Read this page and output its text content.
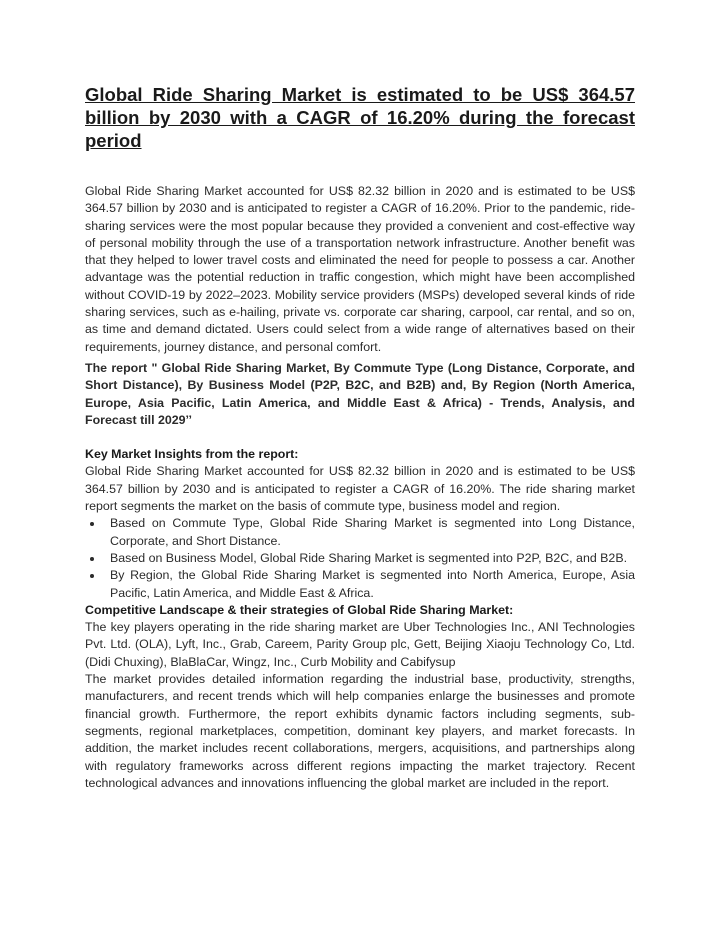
Global Ride Sharing Market is estimated to be US$ 364.57 billion by 2030 with a CAGR of 16.20% during the forecast period

Global Ride Sharing Market accounted for US$ 82.32 billion in 2020 and is estimated to be US$ 364.57 billion by 2030 and is anticipated to register a CAGR of 16.20%. Prior to the pandemic, ride-sharing services were the most popular because they provided a convenient and cost-effective way of personal mobility through the use of a transportation network infrastructure. Another benefit was that they helped to lower travel costs and eliminated the need for people to possess a car. Another advantage was the potential reduction in traffic congestion, which might have been accomplished without COVID-19 by 2022–2023. Mobility service providers (MSPs) developed several kinds of ride sharing services, such as e-hailing, private vs. corporate car sharing, carpool, car rental, and so on, as time and demand dictated. Users could select from a wide range of alternatives based on their requirements, journey distance, and personal comfort.

The report " Global Ride Sharing Market, By Commute Type (Long Distance, Corporate, and Short Distance), By Business Model (P2P, B2C, and B2B) and, By Region (North America, Europe, Asia Pacific, Latin America, and Middle East & Africa) - Trends, Analysis, and Forecast till 2029’’

Key Market Insights from the report:

Global Ride Sharing Market accounted for US$ 82.32 billion in 2020 and is estimated to be US$ 364.57 billion by 2030 and is anticipated to register a CAGR of 16.20%. The ride sharing market report segments the market on the basis of commute type, business model and region.

Based on Commute Type, Global Ride Sharing Market is segmented into Long Distance, Corporate, and Short Distance.
Based on Business Model, Global Ride Sharing Market is segmented into P2P, B2C, and B2B.
By Region, the Global Ride Sharing Market is segmented into North America, Europe, Asia Pacific, Latin America, and Middle East & Africa.

Competitive Landscape & their strategies of Global Ride Sharing Market:

The key players operating in the ride sharing market are Uber Technologies Inc., ANI Technologies Pvt. Ltd. (OLA), Lyft, Inc., Grab, Careem, Parity Group plc, Gett, Beijing Xiaoju Technology Co, Ltd. (Didi Chuxing), BlaBlaCar, Wingz, Inc., Curb Mobility and Cabifysup

The market provides detailed information regarding the industrial base, productivity, strengths, manufacturers, and recent trends which will help companies enlarge the businesses and promote financial growth. Furthermore, the report exhibits dynamic factors including segments, sub-segments, regional marketplaces, competition, dominant key players, and market forecasts. In addition, the market includes recent collaborations, mergers, acquisitions, and partnerships along with regulatory frameworks across different regions impacting the market trajectory. Recent technological advances and innovations influencing the global market are included in the report.
